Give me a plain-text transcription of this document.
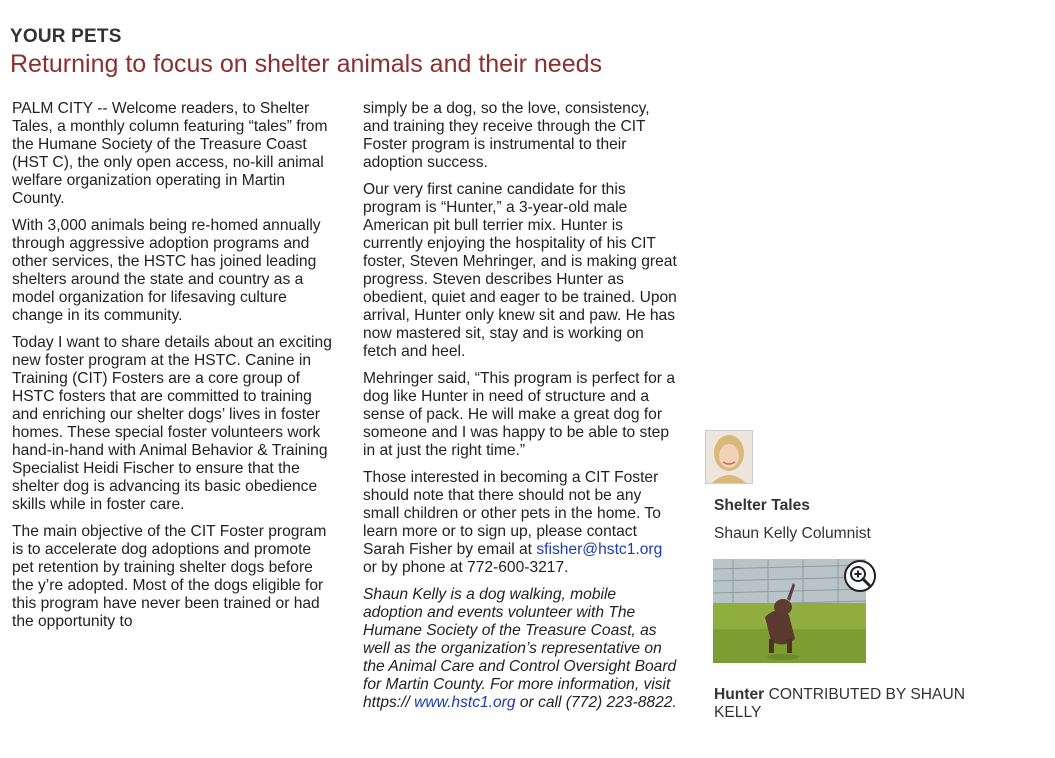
YOUR PETS
Returning to focus on shelter animals and their needs

PALM CITY -- Welcome readers, to Shelter Tales, a monthly column featuring “tales” from the Humane Society of the Treasure Coast (HST C), the only open access, no-kill animal welfare organization operating in Martin County.

With 3,000 animals being re-homed annually through aggressive adoption programs and other services, the HSTC has joined leading shelters around the state and country as a model organization for lifesaving culture change in its community.

Today I want to share details about an exciting new foster program at the HSTC. Canine in Training (CIT) Fosters are a core group of HSTC fosters that are committed to training and enriching our shelter dogs’ lives in foster homes. These special foster volunteers work hand-in-hand with Animal Behavior & Training Specialist Heidi Fischer to ensure that the shelter dog is advancing its basic obedience skills while in foster care.

The main objective of the CIT Foster program is to accelerate dog adoptions and promote pet retention by training shelter dogs before the y’re adopted. Most of the dogs eligible for this program have never been trained or had the opportunity to

simply be a dog, so the love, consistency, and training they receive through the CIT Foster program is instrumental to their adoption success.

Our very first canine candidate for this program is “Hunter,” a 3-year-old male American pit bull terrier mix. Hunter is currently enjoying the hospitality of his CIT foster, Steven Mehringer, and is making great progress. Steven describes Hunter as obedient, quiet and eager to be trained. Upon arrival, Hunter only knew sit and paw. He has now mastered sit, stay and is working on fetch and heel.

Mehringer said, “This program is perfect for a dog like Hunter in need of structure and a sense of pack. He will make a great dog for someone and I was happy to be able to step in at just the right time.”

Those interested in becoming a CIT Foster should note that there should not be any small children or other pets in the home. To learn more or to sign up, please contact Sarah Fisher by email at sfisher@hstc1.org or by phone at 772-600-3217.

Shaun Kelly is a dog walking, mobile adoption and events volunteer with The Humane Society of the Treasure Coast, as well as the organization’s representative on the Animal Care and Control Oversight Board for Martin County. For more information, visit https:// www.hstc1.org or call (772) 223-8822.

Shelter Tales
Shaun Kelly Columnist
Hunter CONTRIBUTED BY SHAUN KELLY
